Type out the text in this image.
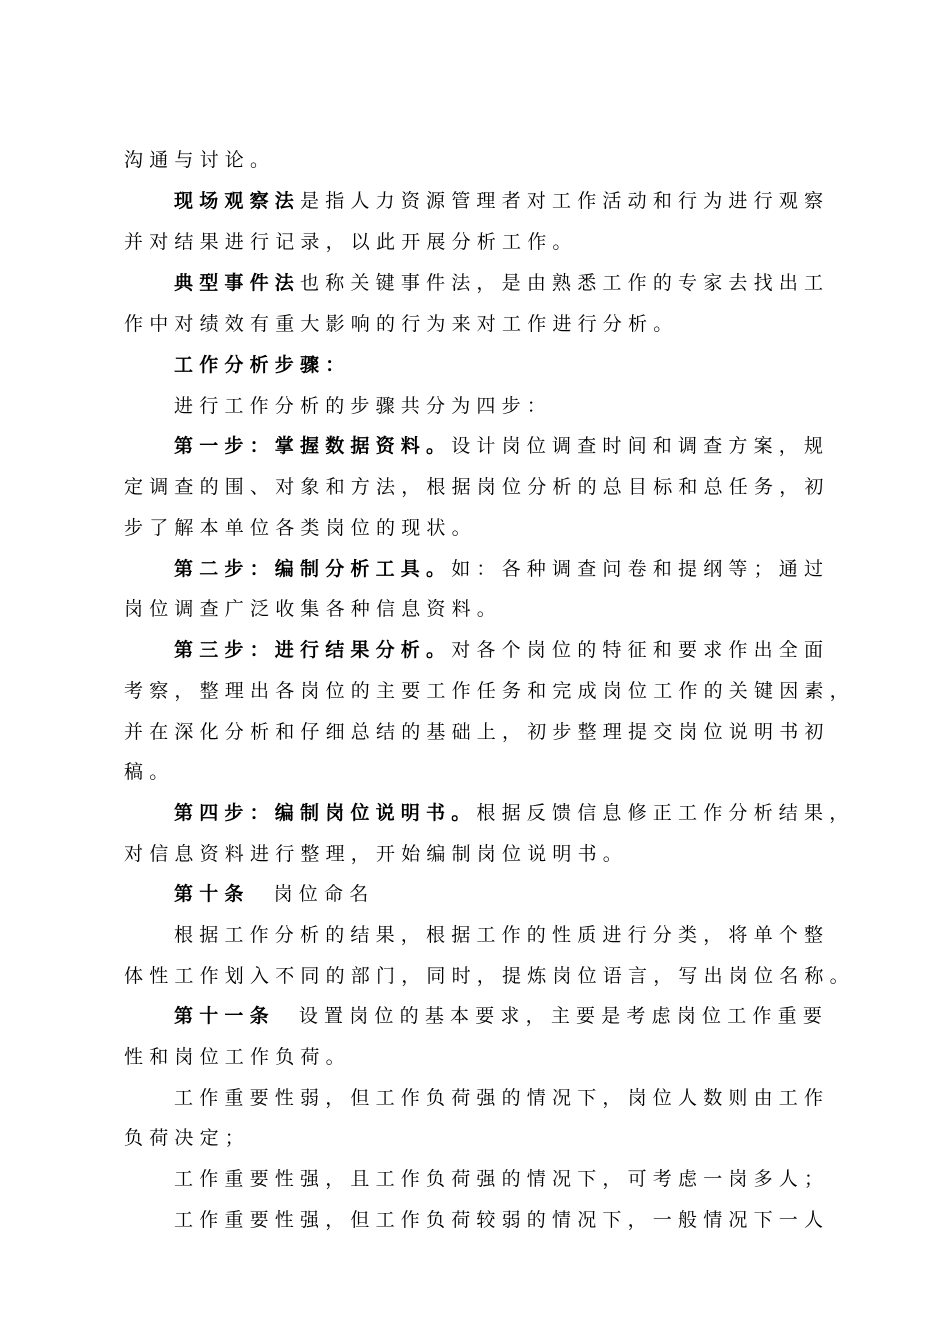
沟通与讨论。
现场观察法是指人力资源管理者对工作活动和行为进行观察
并对结果进行记录，以此开展分析工作。
典型事件法也称关键事件法，是由熟悉工作的专家去找出工
作中对绩效有重大影响的行为来对工作进行分析。
工作分析步骤：
进行工作分析的步骤共分为四步：
第一步：掌握数据资料。设计岗位调查时间和调查方案，规
定调查的围、对象和方法，根据岗位分析的总目标和总任务，初
步了解本单位各类岗位的现状。
第二步：编制分析工具。如：各种调查问卷和提纲等；通过
岗位调查广泛收集各种信息资料。
第三步：进行结果分析。对各个岗位的特征和要求作出全面
考察，整理出各岗位的主要工作任务和完成岗位工作的关键因素，
并在深化分析和仔细总结的基础上，初步整理提交岗位说明书初
稿。
第四步：编制岗位说明书。根据反馈信息修正工作分析结果，
对信息资料进行整理，开始编制岗位说明书。
第十条 岗位命名
根据工作分析的结果，根据工作的性质进行分类，将单个整
体性工作划入不同的部门，同时，提炼岗位语言，写出岗位名称。
第十一条 设置岗位的基本要求，主要是考虑岗位工作重要
性和岗位工作负荷。
工作重要性弱，但工作负荷强的情况下，岗位人数则由工作
负荷决定；
工作重要性强，且工作负荷强的情况下，可考虑一岗多人；
工作重要性强，但工作负荷较弱的情况下，一般情况下一人
